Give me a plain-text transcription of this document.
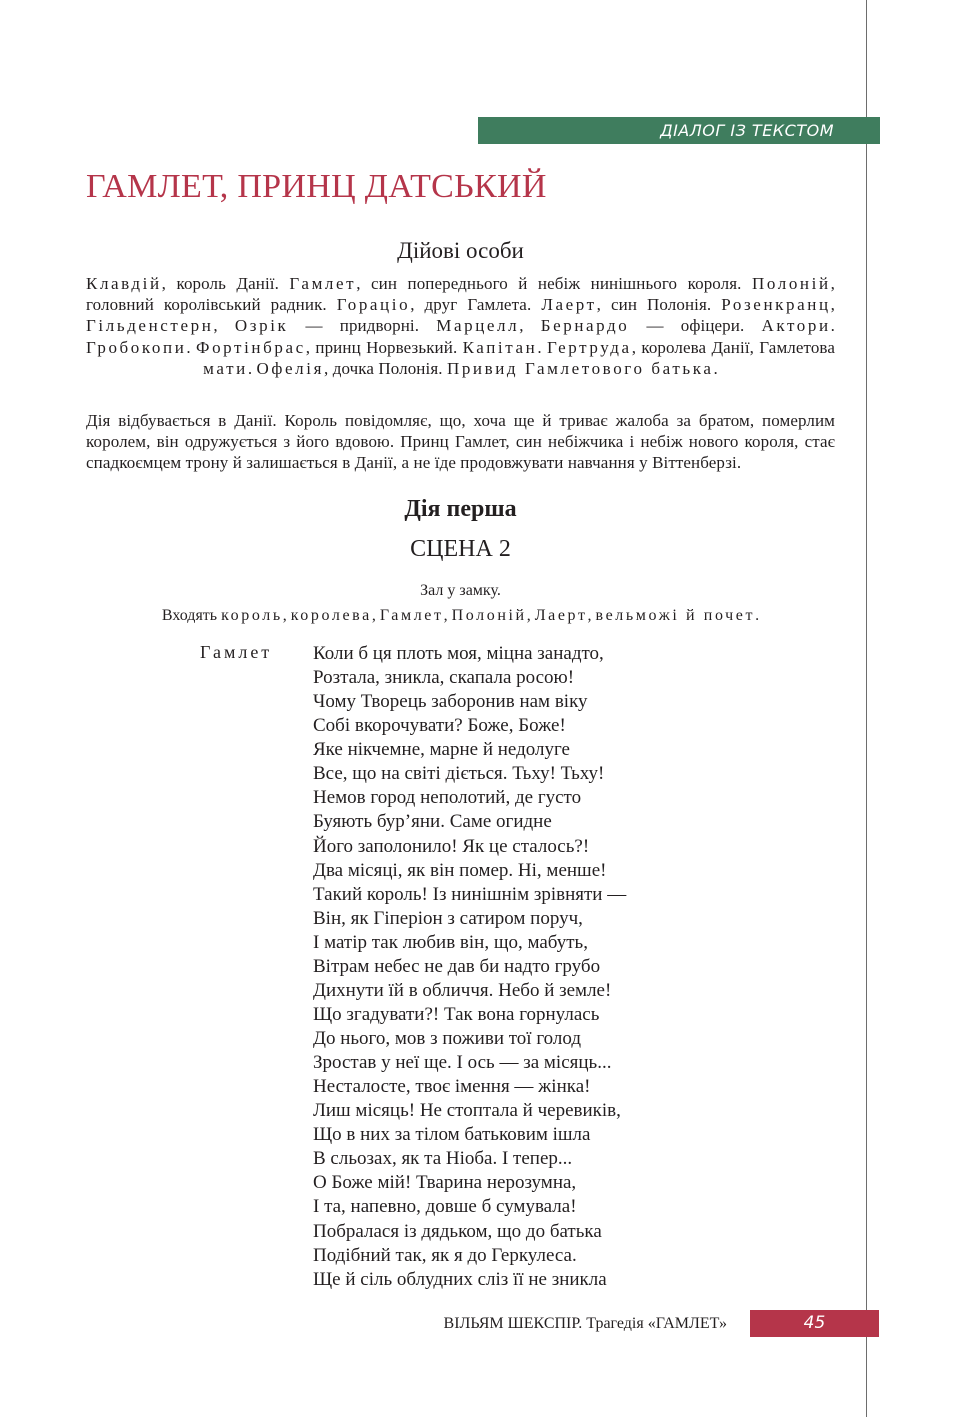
ДІАЛОГ ІЗ ТЕКСТОМ
ГАМЛЕТ, ПРИНЦ ДАТСЬКИЙ
Дійові особи

Клавдій, король Данії. Гамлет, син попереднього й небіж нинішнього короля. Полоній, головний королівський радник. Гораціо, друг Гамлета. Лаерт, син Полонія. Розенкранц, Гільденстерн, Озрік — придворні. Марцелл, Бернардо — офіцери. Актори. Гробокопи. Фортінбрас, принц Норвезький. Капітан. Гертруда, королева Данії, Гамлетова мати. Офелія, дочка Полонія. Привид Гамлетового батька.

Дія відбувається в Данії. Король повідомляє, що, хоча ще й триває жалоба за братом, померлим королем, він одружується з його вдовою. Принц Гамлет, син небіжчика і небіж нового короля, стає спадкоємцем трону й залишається в Данії, а не їде продовжувати навчання у Віттенберзі.

Дія перша
СЦЕНА 2
Зал у замку.
Входять король, королева, Гамлет, Полоній, Лаерт, вельможі й почет.
Гамлет Коли б ця плоть моя, міцна занадто,
Розтала, зникла, скапала росою!
Чому Творець заборонив нам віку
Собі вкорочувати? Боже, Боже!
Яке нікчемне, марне й недолуге
Все, що на світі діється. Тьху! Тьху!
Немов город неполотий, де густо
Буяють бур’яни. Саме огидне
Його заполонило! Як це сталось?!
Два місяці, як він помер. Ні, менше!
Такий король! Із нинішнім зрівняти —
Він, як Гіперіон з сатиром поруч,
І матір так любив він, що, мабуть,
Вітрам небес не дав би надто грубо
Дихнути їй в обличчя. Небо й земле!
Що згадувати?! Так вона горнулась
До нього, мов з поживи тої голод
Зростав у неї ще. І ось — за місяць...
Несталосте, твоє імення — жінка!
Лиш місяць! Не стоптала й черевиків,
Що в них за тілом батьковим ішла
В сльозах, як та Ніоба. І тепер...
О Боже мій! Тварина нерозумна,
І та, напевно, довше б сумувала!
Побралася із дядьком, що до батька
Подібний так, як я до Геркулеса.
Ще й сіль облудних сліз її не зникла
ВІЛЬЯМ ШЕКСПІР. Трагедія «ГАМЛЕТ»	45
